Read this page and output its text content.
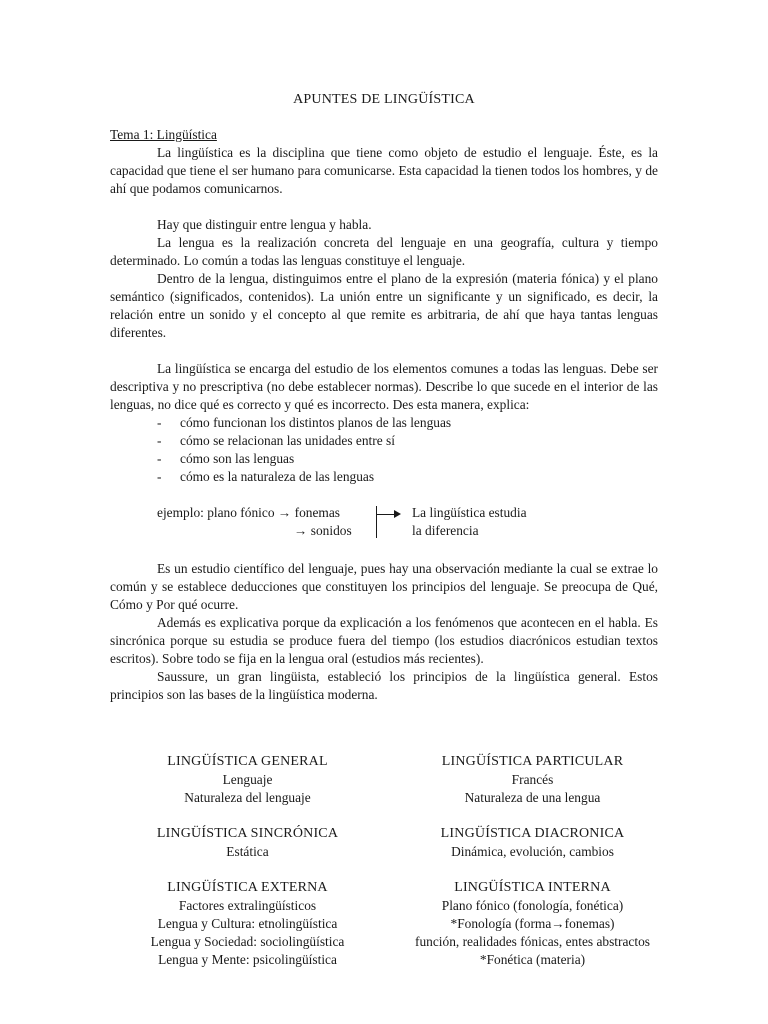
APUNTES DE LINGÜÍSTICA
Tema 1: Lingüística

La lingüística es la disciplina que tiene como objeto de estudio el lenguaje. Éste, es la capacidad que tiene el ser humano para comunicarse. Esta capacidad la tienen todos los hombres, y de ahí que podamos comunicarnos.

Hay que distinguir entre lengua y habla.

La lengua es la realización concreta del lenguaje en una geografía, cultura y tiempo determinado. Lo común a todas las lenguas constituye el lenguaje.

Dentro de la lengua, distinguimos entre el plano de la expresión (materia fónica) y el plano semántico (significados, contenidos). La unión entre un significante y un significado, es decir, la relación entre un sonido y el concepto al que remite es arbitraria, de ahí que haya tantas lenguas diferentes.

La lingüística se encarga del estudio de los elementos comunes a todas las lenguas. Debe ser descriptiva y no prescriptiva (no debe establecer normas). Describe lo que sucede en el interior de las lenguas, no dice qué es correcto y qué es incorrecto. Des esta manera, explica:

- cómo funcionan los distintos planos de las lenguas
- cómo se relacionan las unidades entre sí
- cómo son las lenguas
- cómo es la naturaleza de las lenguas
ejemplo: plano fónico → fonemas
→ sonidos
La lingüística estudia
la diferencia

Es un estudio científico del lenguaje, pues hay una observación mediante la cual se extrae lo común y se establece deducciones que constituyen los principios del lenguaje. Se preocupa de Qué, Cómo y Por qué ocurre.

Además es explicativa porque da explicación a los fenómenos que acontecen en el habla. Es sincrónica porque su estudia se produce fuera del tiempo (los estudios diacrónicos estudian textos escritos). Sobre todo se fija en la lengua oral (estudios más recientes).

Saussure, un gran lingüista, estableció los principios de la lingüística general. Estos principios son las bases de la lingüística moderna.

LINGÜÍSTICA GENERAL
Lenguaje
Naturaleza del lenguaje
LINGÜÍSTICA PARTICULAR
Francés
Naturaleza de una lengua
LINGÜÍSTICA SINCRÓNICA
Estática
LINGÜÍSTICA DIACRONICA
Dinámica, evolución, cambios
LINGÜÍSTICA EXTERNA
Factores extralingüísticos
Lengua y Cultura: etnolingüística
Lengua y Sociedad: sociolingüística
Lengua y Mente: psicolingüística
LINGÜÍSTICA INTERNA
Plano fónico (fonología, fonética)
*Fonología (forma→fonemas)
función, realidades fónicas, entes abstractos
*Fonética (materia)
